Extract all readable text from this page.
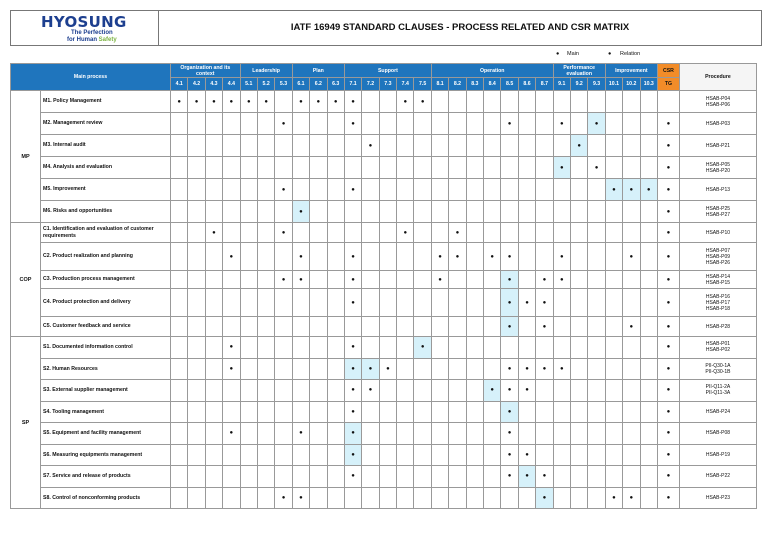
HYOSUNG
The Perfection
for Human Safety
IATF 16949 STANDARD CLAUSES - PROCESS RELATED AND CSR MATRIX
● Main	● Relation
Main process		Organization and its context				Leadership			Plan			Support					Operation							Performance evaluation			Improvement			CSR	Procedure
		4.1	4.2	4.3	4.4	5.1	5.2	5.3	6.1	6.2	6.3	7.1	7.2	7.3	7.4	7.5	8.1	8.2	8.3	8.4	8.5	8.6	8.7	9.1	9.2	9.3	10.1	10.2	10.3	TG	
MP	M1. Policy Management	●	●	●	●	●	●		●	●	●	●			●	●															HSAB-P04
HSAB-P06
	M2. Management review							●				●									●			●		●				●	HSAB-P03
	M3. Internal audit												●												●					●	HSAB-P21
	M4. Analysis and evaluation																							●		●				●	HSAB-P05
HSAB-P20
	M5. Improvement							●				●															●	●	●	●	HSAB-P13
	M6. Risks and opportunities								●																					●	HSAB-P25
HSAB-P27
COP	C1. Identification and evaluation of customer requirements			●				●							●			●												●	HSAB-P10
	C2. Product realization and planning				●				●			●					●	●		●	●			●				●		●	HSAB-P07
HSAB-P09
HSAB-P26
	C3. Production process management							●	●			●					●				●		●	●						●	HSAB-P14
HSAB-P15
	C4. Product protection and delivery											●									●	●	●							●	HSAB-P16
HSAB-P17
HSAB-P18
	C5. Customer feedback and service																				●		●					●		●	HSAB-P28
SP	S1. Documented information control				●							●				●														●	HSAB-P01
HSAB-P02
	S2. Human Resources				●							●	●	●							●	●	●	●						●	PII-Q30-1A
PII-Q30-1B
	S3. External supplier management											●	●							●	●	●								●	PII-Q11-2A
PII-Q11-3A
	S4. Tooling management											●									●									●	HSAB-P24
	S5. Equipment and facility management				●				●			●									●									●	HSAB-P08
	S6. Measuring equipments management											●									●	●								●	HSAB-P19
	S7. Service and release of products											●									●	●	●							●	HSAB-P22
	S8. Control of nonconforming products							●	●														●				●	●		●	HSAB-P23
